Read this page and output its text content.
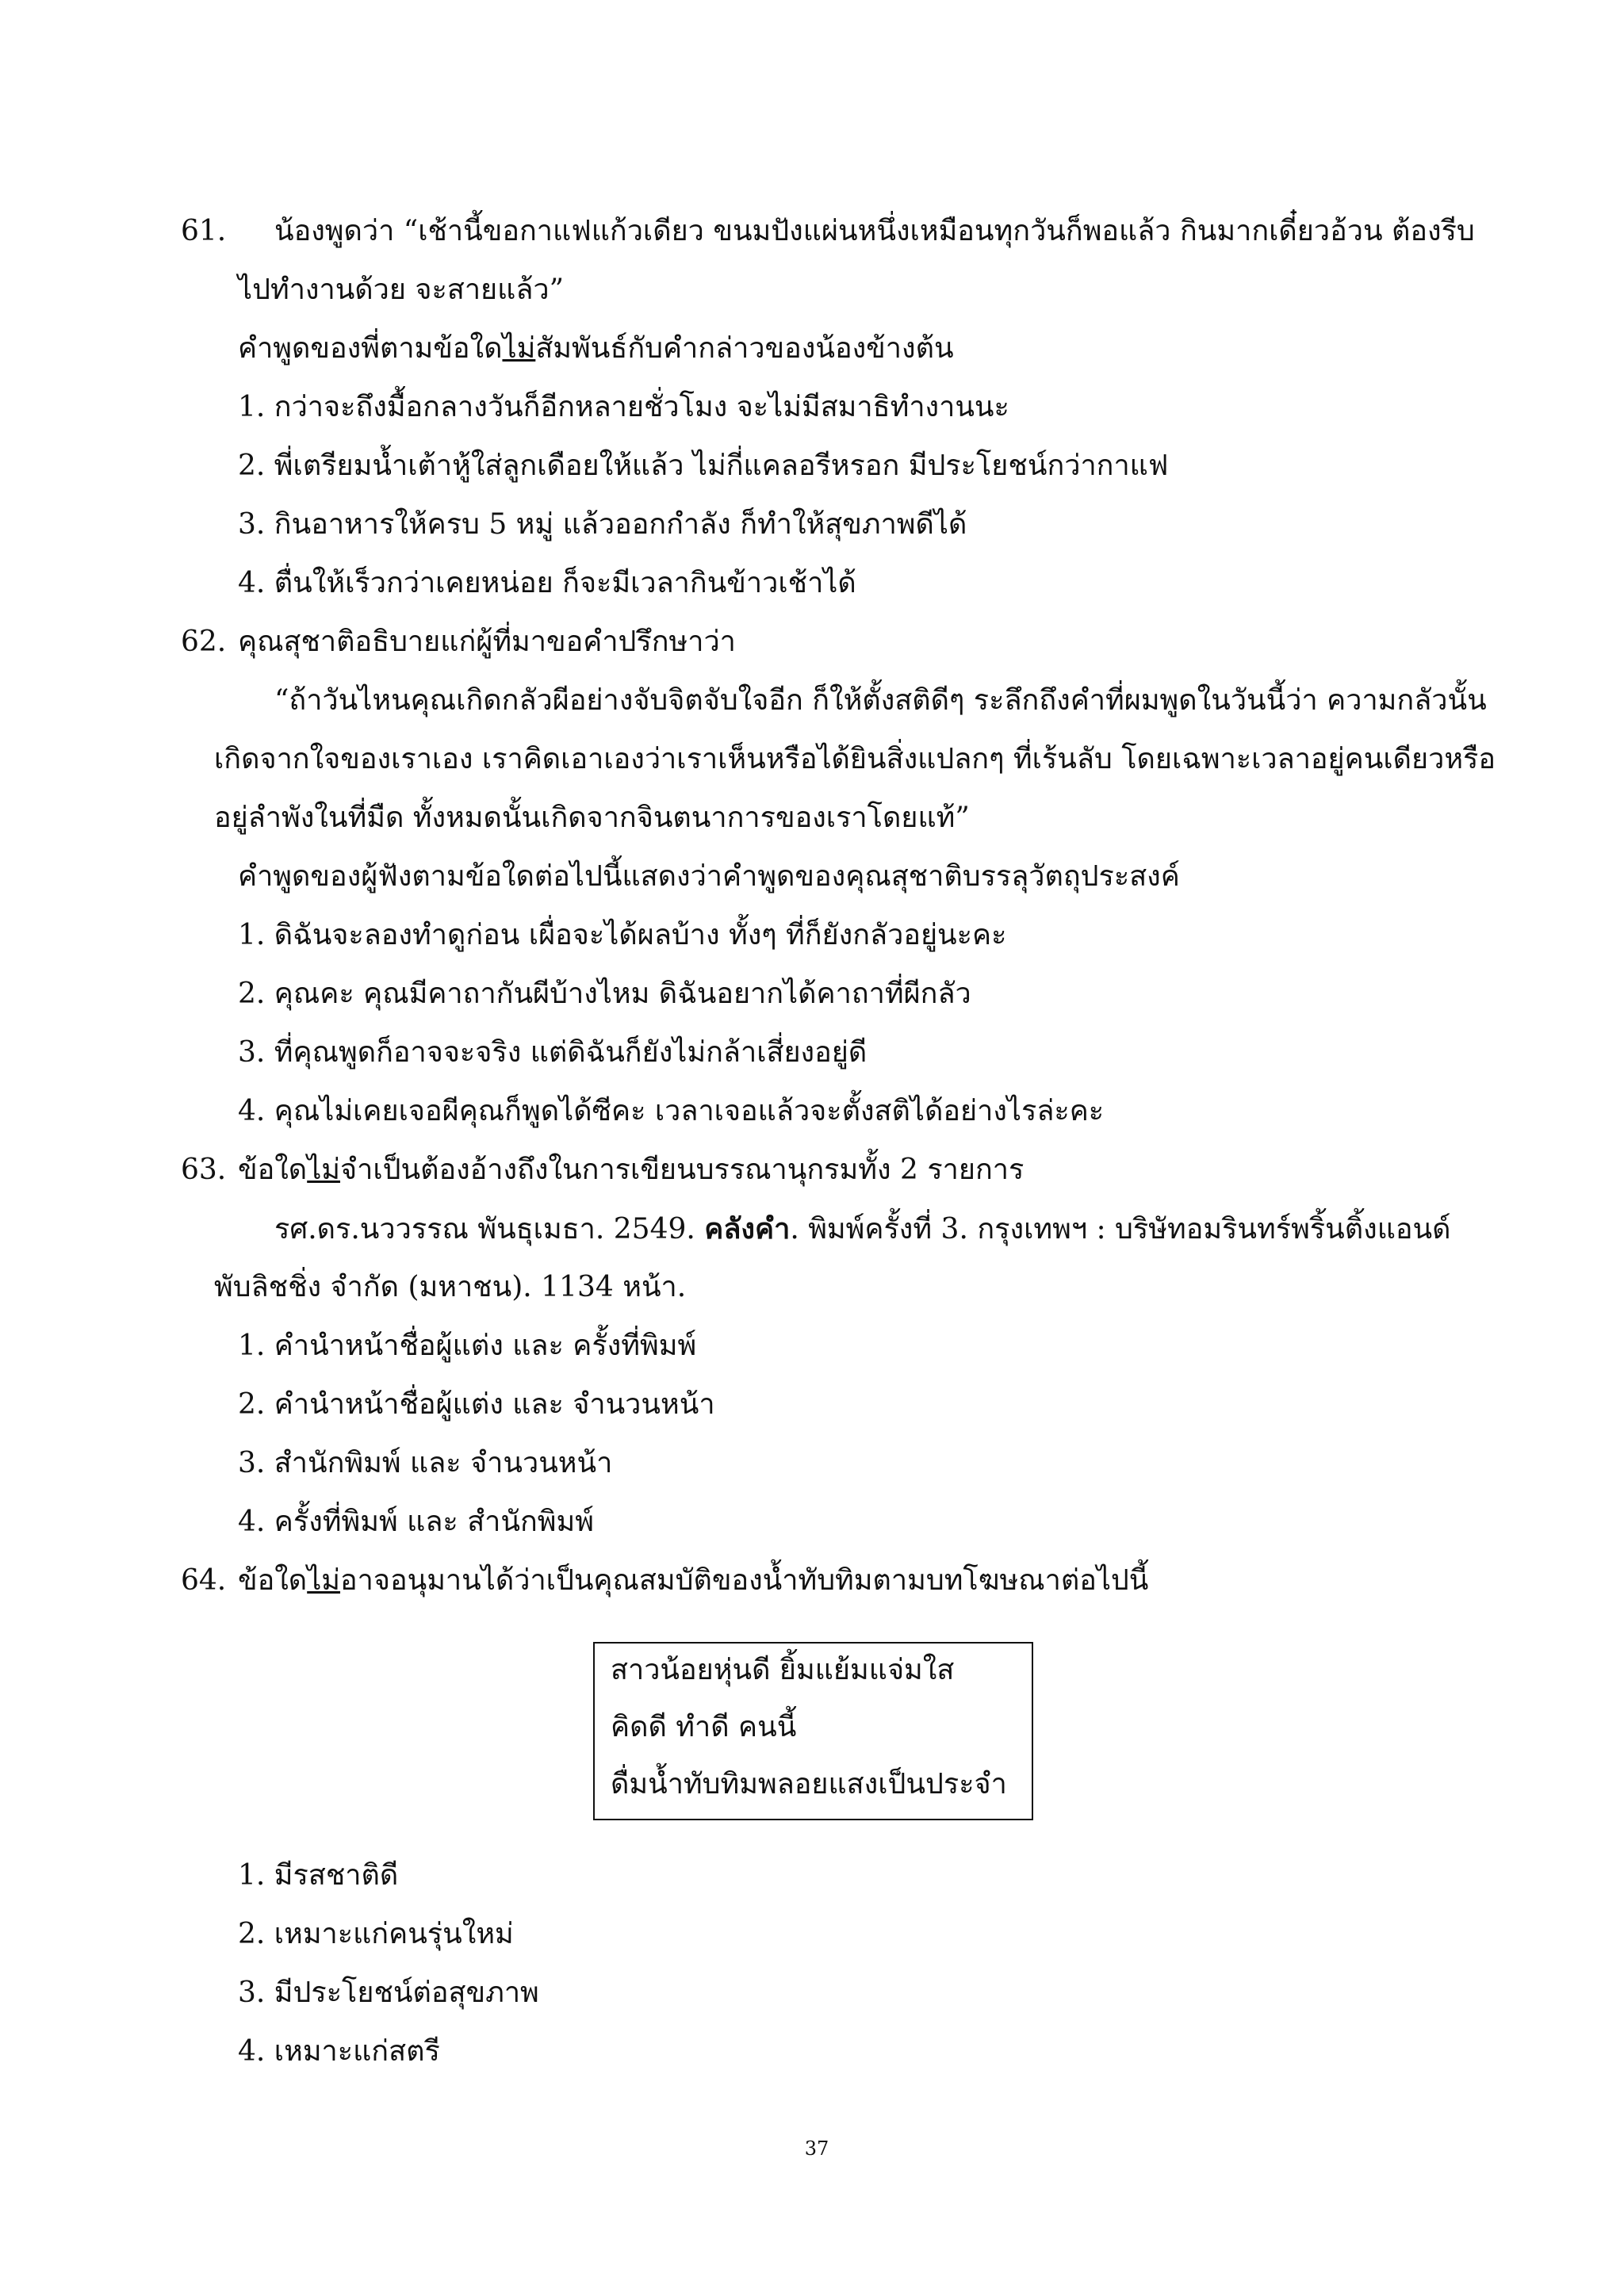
61. น้องพูดว่า “เช้านี้ขอกาแฟแก้วเดียว ขนมปังแผ่นหนึ่งเหมือนทุกวันก็พอแล้ว กินมากเดี๋ยวอ้วน ต้องรีบ
ไปทำงานด้วย จะสายแล้ว”
คำพูดของพี่ตามข้อใดไม่สัมพันธ์กับคำกล่าวของน้องข้างต้น
1. กว่าจะถึงมื้อกลางวันก็อีกหลายชั่วโมง จะไม่มีสมาธิทำงานนะ
2. พี่เตรียมน้ำเต้าหู้ใส่ลูกเดือยให้แล้ว ไม่กี่แคลอรีหรอก มีประโยชน์กว่ากาแฟ
3. กินอาหารให้ครบ 5 หมู่ แล้วออกกำลัง ก็ทำให้สุขภาพดีได้
4. ตื่นให้เร็วกว่าเคยหน่อย ก็จะมีเวลากินข้าวเช้าได้
62. คุณสุชาติอธิบายแก่ผู้ที่มาขอคำปรึกษาว่า
“ถ้าวันไหนคุณเกิดกลัวผีอย่างจับจิตจับใจอีก ก็ให้ตั้งสติดีๆ ระลึกถึงคำที่ผมพูดในวันนี้ว่า ความกลัวนั้น
เกิดจากใจของเราเอง เราคิดเอาเองว่าเราเห็นหรือได้ยินสิ่งแปลกๆ ที่เร้นลับ โดยเฉพาะเวลาอยู่คนเดียวหรือ
อยู่ลำพังในที่มืด ทั้งหมดนั้นเกิดจากจินตนาการของเราโดยแท้”
คำพูดของผู้ฟังตามข้อใดต่อไปนี้แสดงว่าคำพูดของคุณสุชาติบรรลุวัตถุประสงค์
1. ดิฉันจะลองทำดูก่อน เผื่อจะได้ผลบ้าง ทั้งๆ ที่ก็ยังกลัวอยู่นะคะ
2. คุณคะ คุณมีคาถากันผีบ้างไหม ดิฉันอยากได้คาถาที่ผีกลัว
3. ที่คุณพูดก็อาจจะจริง แต่ดิฉันก็ยังไม่กล้าเสี่ยงอยู่ดี
4. คุณไม่เคยเจอผีคุณก็พูดได้ซีคะ เวลาเจอแล้วจะตั้งสติได้อย่างไรล่ะคะ
63. ข้อใดไม่จำเป็นต้องอ้างถึงในการเขียนบรรณานุกรมทั้ง 2 รายการ
รศ.ดร.นววรรณ พันธุเมธา. 2549. คลังคำ. พิมพ์ครั้งที่ 3. กรุงเทพฯ : บริษัทอมรินทร์พริ้นติ้งแอนด์
พับลิชชิ่ง จำกัด (มหาชน). 1134 หน้า.
1. คำนำหน้าชื่อผู้แต่ง และ ครั้งที่พิมพ์
2. คำนำหน้าชื่อผู้แต่ง และ จำนวนหน้า
3. สำนักพิมพ์ และ จำนวนหน้า
4. ครั้งที่พิมพ์ และ สำนักพิมพ์
64. ข้อใดไม่อาจอนุมานได้ว่าเป็นคุณสมบัติของน้ำทับทิมตามบทโฆษณาต่อไปนี้
สาวน้อยหุ่นดี ยิ้มแย้มแจ่มใส
คิดดี ทำดี คนนี้
ดื่มน้ำทับทิมพลอยแสงเป็นประจำ
1. มีรสชาติดี
2. เหมาะแก่คนรุ่นใหม่
3. มีประโยชน์ต่อสุขภาพ
4. เหมาะแก่สตรี
37
